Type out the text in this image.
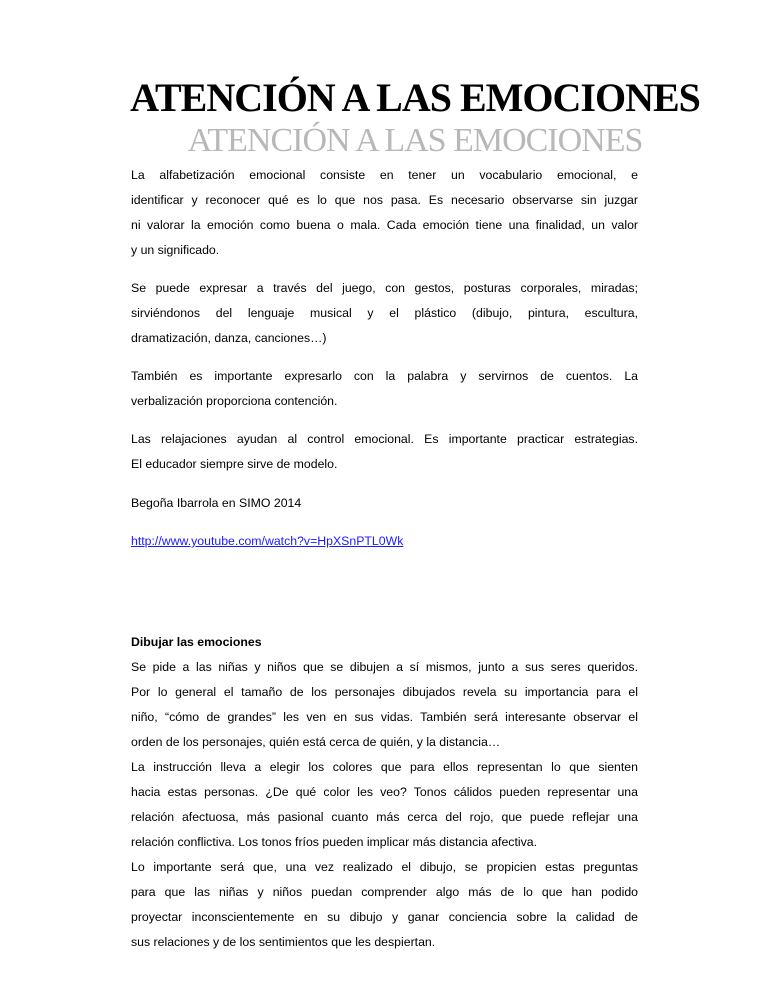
ATENCIÓN A LAS EMOCIONES
ATENCIÓN A LAS EMOCIONES
La alfabetización emocional consiste en tener un vocabulario emocional, e
identificar y reconocer qué es lo que nos pasa. Es necesario observarse sin juzgar
ni valorar la emoción como buena o mala. Cada emoción tiene una finalidad, un valor
y un significado.
Se puede expresar a través del juego, con gestos, posturas corporales, miradas;
sirviéndonos del lenguaje musical y el plástico (dibujo, pintura, escultura,
dramatización, danza, canciones…)
También es importante expresarlo con la palabra y servirnos de cuentos. La
verbalización proporciona contención.
Las relajaciones ayudan al control emocional. Es importante practicar estrategias.
El educador siempre sirve de modelo.
Begoña Ibarrola en SIMO 2014
http://www.youtube.com/watch?v=HpXSnPTL0Wk
Dibujar las emociones
Se pide a las niñas y niños que se dibujen a sí mismos, junto a sus seres queridos.
Por lo general el tamaño de los personajes dibujados revela su importancia para el
niño, “cómo de grandes” les ven en sus vidas. También será interesante observar el
orden de los personajes, quién está cerca de quién, y la distancia…
La instrucción lleva a elegir los colores que para ellos representan lo que sienten
hacia estas personas. ¿De qué color les veo? Tonos cálidos pueden representar una
relación afectuosa, más pasional cuanto más cerca del rojo, que puede reflejar una
relación conflictiva. Los tonos fríos pueden implicar más distancia afectiva.
Lo importante será que, una vez realizado el dibujo, se propicien estas preguntas
para que las niñas y niños puedan comprender algo más de lo que han podido
proyectar inconscientemente en su dibujo y ganar conciencia sobre la calidad de
sus relaciones y de los sentimientos que les despiertan.
